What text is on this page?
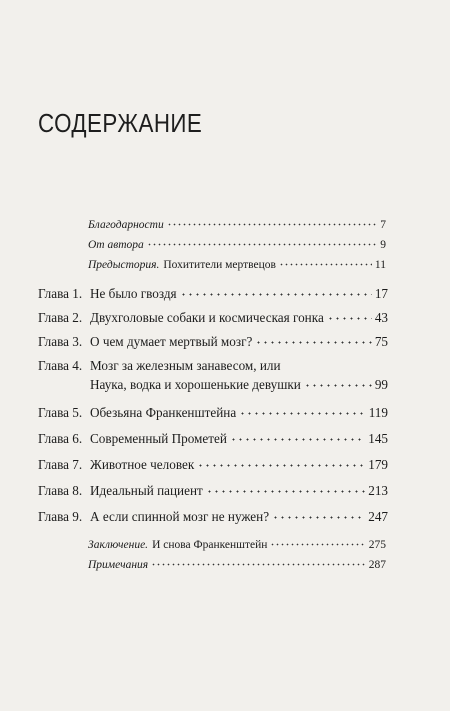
СОДЕРЖАНИЕ
Благодарности	7
От автора	9
Предыстория. Похитители мертвецов	11
Глава 1. Не было гвоздя	17
Глава 2. Двухголовые собаки и космическая гонка	43
Глава 3. О чем думает мертвый мозг?	75
Глава 4. Мозг за железным занавесом, или
Наука, водка и хорошенькие девушки	99
Глава 5. Обезьяна Франкенштейна	119
Глава 6. Современный Прометей	145
Глава 7. Животное человек	179
Глава 8. Идеальный пациент	213
Глава 9. А если спинной мозг не нужен?	247
Заключение. И снова Франкенштейн	275
Примечания	287
